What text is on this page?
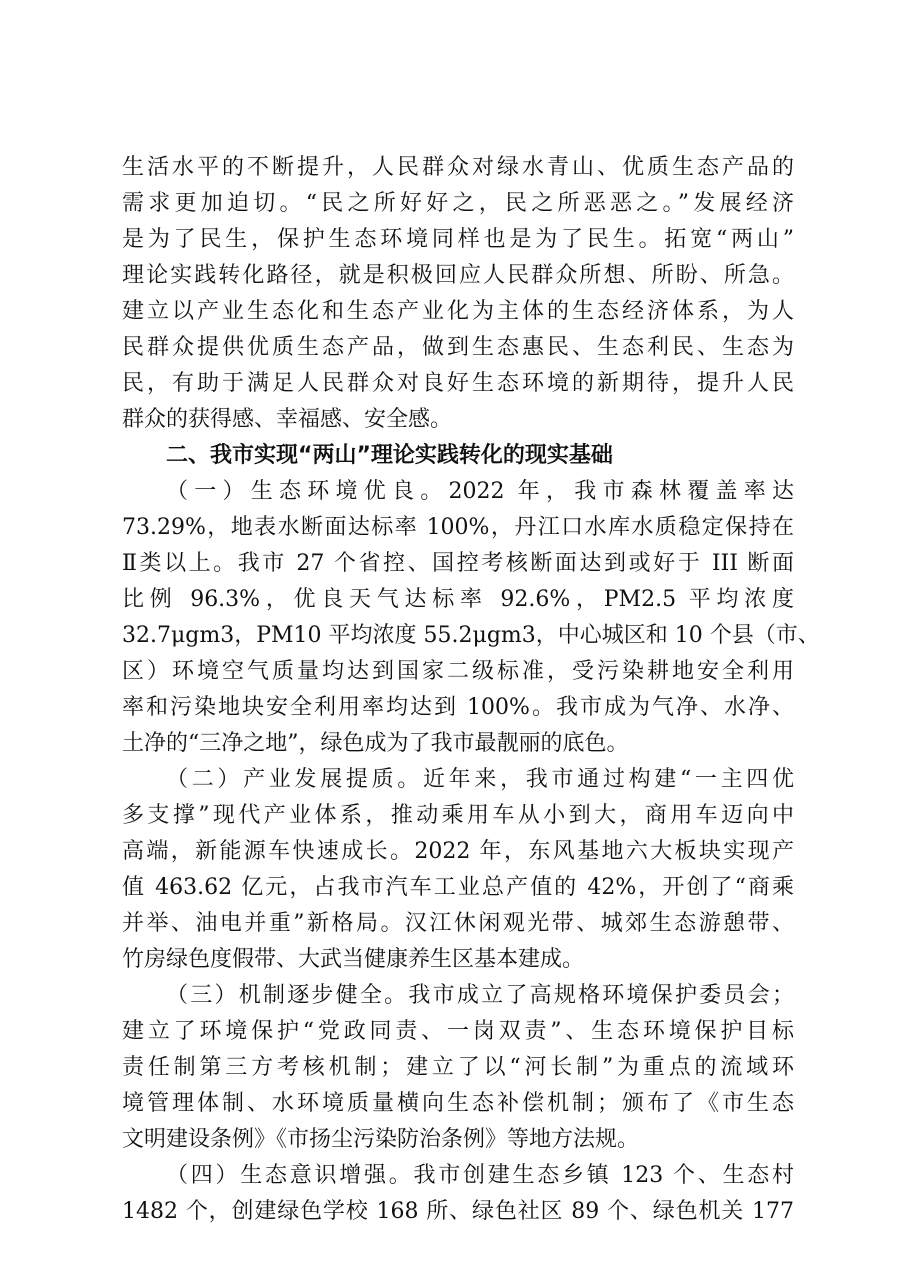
生活水平的不断提升，人民群众对绿水青山、优质生态产品的
需求更加迫切。“民之所好好之，民之所恶恶之。”发展经济
是为了民生，保护生态环境同样也是为了民生。拓宽“两山”
理论实践转化路径，就是积极回应人民群众所想、所盼、所急。
建立以产业生态化和生态产业化为主体的生态经济体系，为人
民群众提供优质生态产品，做到生态惠民、生态利民、生态为
民，有助于满足人民群众对良好生态环境的新期待，提升人民
群众的获得感、幸福感、安全感。
二、我市实现“两山”理论实践转化的现实基础
（一）生态环境优良。2022 年，我市森林覆盖率达
73.29%，地表水断面达标率 100%，丹江口水库水质稳定保持在
Ⅱ类以上。我市 27 个省控、国控考核断面达到或好于 III 断面
比例 96.3%，优良天气达标率 92.6%，PM2.5 平均浓度
32.7μgm3，PM10 平均浓度 55.2μgm3，中心城区和 10 个县（市、
区）环境空气质量均达到国家二级标准，受污染耕地安全利用
率和污染地块安全利用率均达到 100%。我市成为气净、水净、
土净的“三净之地”，绿色成为了我市最靓丽的底色。
（二）产业发展提质。近年来，我市通过构建“一主四优
多支撑”现代产业体系，推动乘用车从小到大，商用车迈向中
高端，新能源车快速成长。2022 年，东风基地六大板块实现产
值 463.62 亿元，占我市汽车工业总产值的 42%，开创了“商乘
并举、油电并重”新格局。汉江休闲观光带、城郊生态游憩带、
竹房绿色度假带、大武当健康养生区基本建成。
（三）机制逐步健全。我市成立了高规格环境保护委员会；
建立了环境保护“党政同责、一岗双责”、生态环境保护目标
责任制第三方考核机制；建立了以“河长制”为重点的流域环
境管理体制、水环境质量横向生态补偿机制；颁布了《市生态
文明建设条例》《市扬尘污染防治条例》等地方法规。
（四）生态意识增强。我市创建生态乡镇 123 个、生态村
1482 个，创建绿色学校 168 所、绿色社区 89 个、绿色机关 177
